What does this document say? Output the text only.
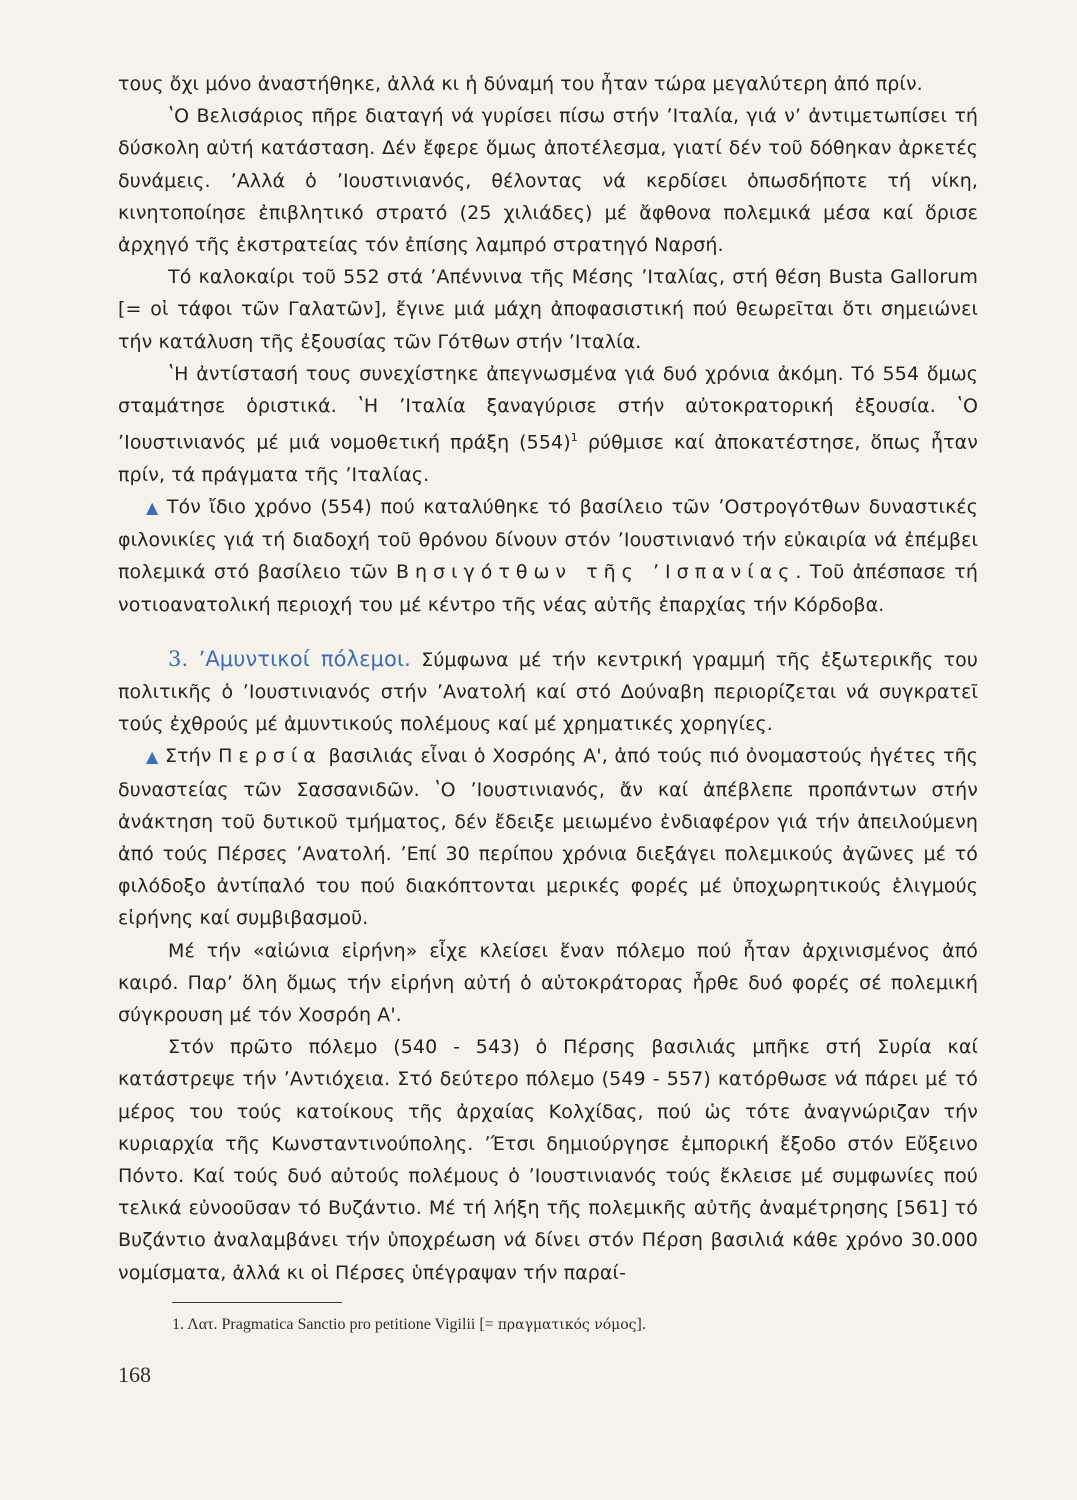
τους ὄχι μόνο ἀναστήθηκε, ἀλλά κι ἡ δύναμή του ἦταν τώρα μεγαλύτερη ἀπό πρίν.

ʽΟ Βελισάριος πῆρε διαταγή νά γυρίσει πίσω στήν ʼΙταλία, γιά ν’ ἀντιμετωπίσει τή δύσκολη αὐτή κατάσταση. Δέν ἔφερε ὅμως ἀποτέλεσμα, γιατί δέν τοῦ δόθηκαν ἀρκετές δυνάμεις. ʼΑλλά ὁ ʼΙουστινιανός, θέλοντας νά κερδίσει ὁπωσδήποτε τή νίκη, κινητοποίησε ἐπιβλητικό στρατό (25 χιλιάδες) μέ ἄφθονα πολεμικά μέσα καί ὅρισε ἀρχηγό τῆς ἐκστρατείας τόν ἐπίσης λαμπρό στρατηγό Ναρσή.

Τό καλοκαίρι τοῦ 552 στά ʼΑπέννινα τῆς Μέσης ʼΙταλίας, στή θέση Busta Gallorum [= οἱ τάφοι τῶν Γαλατῶν], ἔγινε μιά μάχη ἀποφασιστική πού θεωρεῖται ὅτι σημειώνει τήν κατάλυση τῆς ἐξουσίας τῶν Γότθων στήν ʼΙταλία.

ʽΗ ἀντίστασή τους συνεχίστηκε ἀπεγνωσμένα γιά δυό χρόνια ἀκόμη. Τό 554 ὅμως σταμάτησε ὁριστικά. ʽΗ ʼΙταλία ξαναγύρισε στήν αὐτοκρατορική ἐξουσία. ʽΟ ʼΙουστινιανός μέ μιά νομοθετική πράξη $(554)^1$ ρύθμισε καί ἀποκατέστησε, ὅπως ἦταν πρίν, τά πράγματα τῆς ʼΙταλίας.

▲ Τόν ἴδιο χρόνο (554) πού καταλύθηκε τό βασίλειο τῶν ʼΟστρογότθων δυναστικές φιλονικίες γιά τή διαδοχή τοῦ θρόνου δίνουν στόν ʼΙουστινιανό τήν εὐκαιρία νά ἐπέμβει πολεμικά στό βασίλειο τῶν Βησιγότθων τῆς ʼΙσπανίας. Τοῦ ἀπέσπασε τή νοτιοανατολική περιοχή του μέ κέντρο τῆς νέας αὐτῆς ἐπαρχίας τήν Κόρδοβα.

3. ʼΑμυντικοί πόλεμοι. Σύμφωνα μέ τήν κεντρική γραμμή τῆς ἐξωτερικῆς του πολιτικῆς ὁ ʼΙουστινιανός στήν ʼΑνατολή καί στό Δούναβη περιορίζεται νά συγκρατεῖ τούς ἐχθρούς μέ ἀμυντικούς πολέμους καί μέ χρηματικές χορηγίες.

▲ Στήν Περσία βασιλιάς εἶναι ὁ Χοσρόης Α', ἀπό τούς πιό ὀνομαστούς ἡγέτες τῆς δυναστείας τῶν Σασσανιδῶν. ʽΟ ʼΙουστινιανός, ἄν καί ἀπέβλεπε προπάντων στήν ἀνάκτηση τοῦ δυτικοῦ τμήματος, δέν ἔδειξε μειωμένο ἐνδιαφέρον γιά τήν ἀπειλούμενη ἀπό τούς Πέρσες ʼΑνατολή. ʼΕπί 30 περίπου χρόνια διεξάγει πολεμικούς ἀγῶνες μέ τό φιλόδοξο ἀντίπαλό του πού διακόπτονται μερικές φορές μέ ὑποχωρητικούς ἑλιγμούς εἰρήνης καί συμβιβασμοῦ.

Μέ τήν «αἰώνια εἰρήνη» εἶχε κλείσει ἕναν πόλεμο πού ἦταν ἀρχινισμένος ἀπό καιρό. Παρ’ ὅλη ὅμως τήν εἰρήνη αὐτή ὁ αὐτοκράτορας ἦρθε δυό φορές σέ πολεμική σύγκρουση μέ τόν Χοσρόη Α'.

Στόν πρῶτο πόλεμο (540 - 543) ὁ Πέρσης βασιλιάς μπῆκε στή Συρία καί κατάστρεψε τήν ʼΑντιόχεια. Στό δεύτερο πόλεμο (549 - 557) κατόρθωσε νά πάρει μέ τό μέρος του τούς κατοίκους τῆς ἀρχαίας Κολχίδας, πού ὡς τότε ἀναγνώριζαν τήν κυριαρχία τῆς Κωνσταντινούπολης. ʼΈτσι δημιούργησε ἐμπορική ἔξοδο στόν Εὔξεινο Πόντο. Καί τούς δυό αὐτούς πολέμους ὁ ʼΙουστινιανός τούς ἔκλεισε μέ συμφωνίες πού τελικά εὐνοοῦσαν τό Βυζάντιο. Μέ τή λήξη τῆς πολεμικῆς αὐτῆς ἀναμέτρησης [561] τό Βυζάντιο ἀναλαμβάνει τήν ὑποχρέωση νά δίνει στόν Πέρση βασιλιά κάθε χρόνο 30.000 νομίσματα, ἀλλά κι οἱ Πέρσες ὑπέγραψαν τήν παραί-

1. Λατ. Pragmatica Sanctio pro petitione Vigilii [= πραγματικός νόμος].
168
